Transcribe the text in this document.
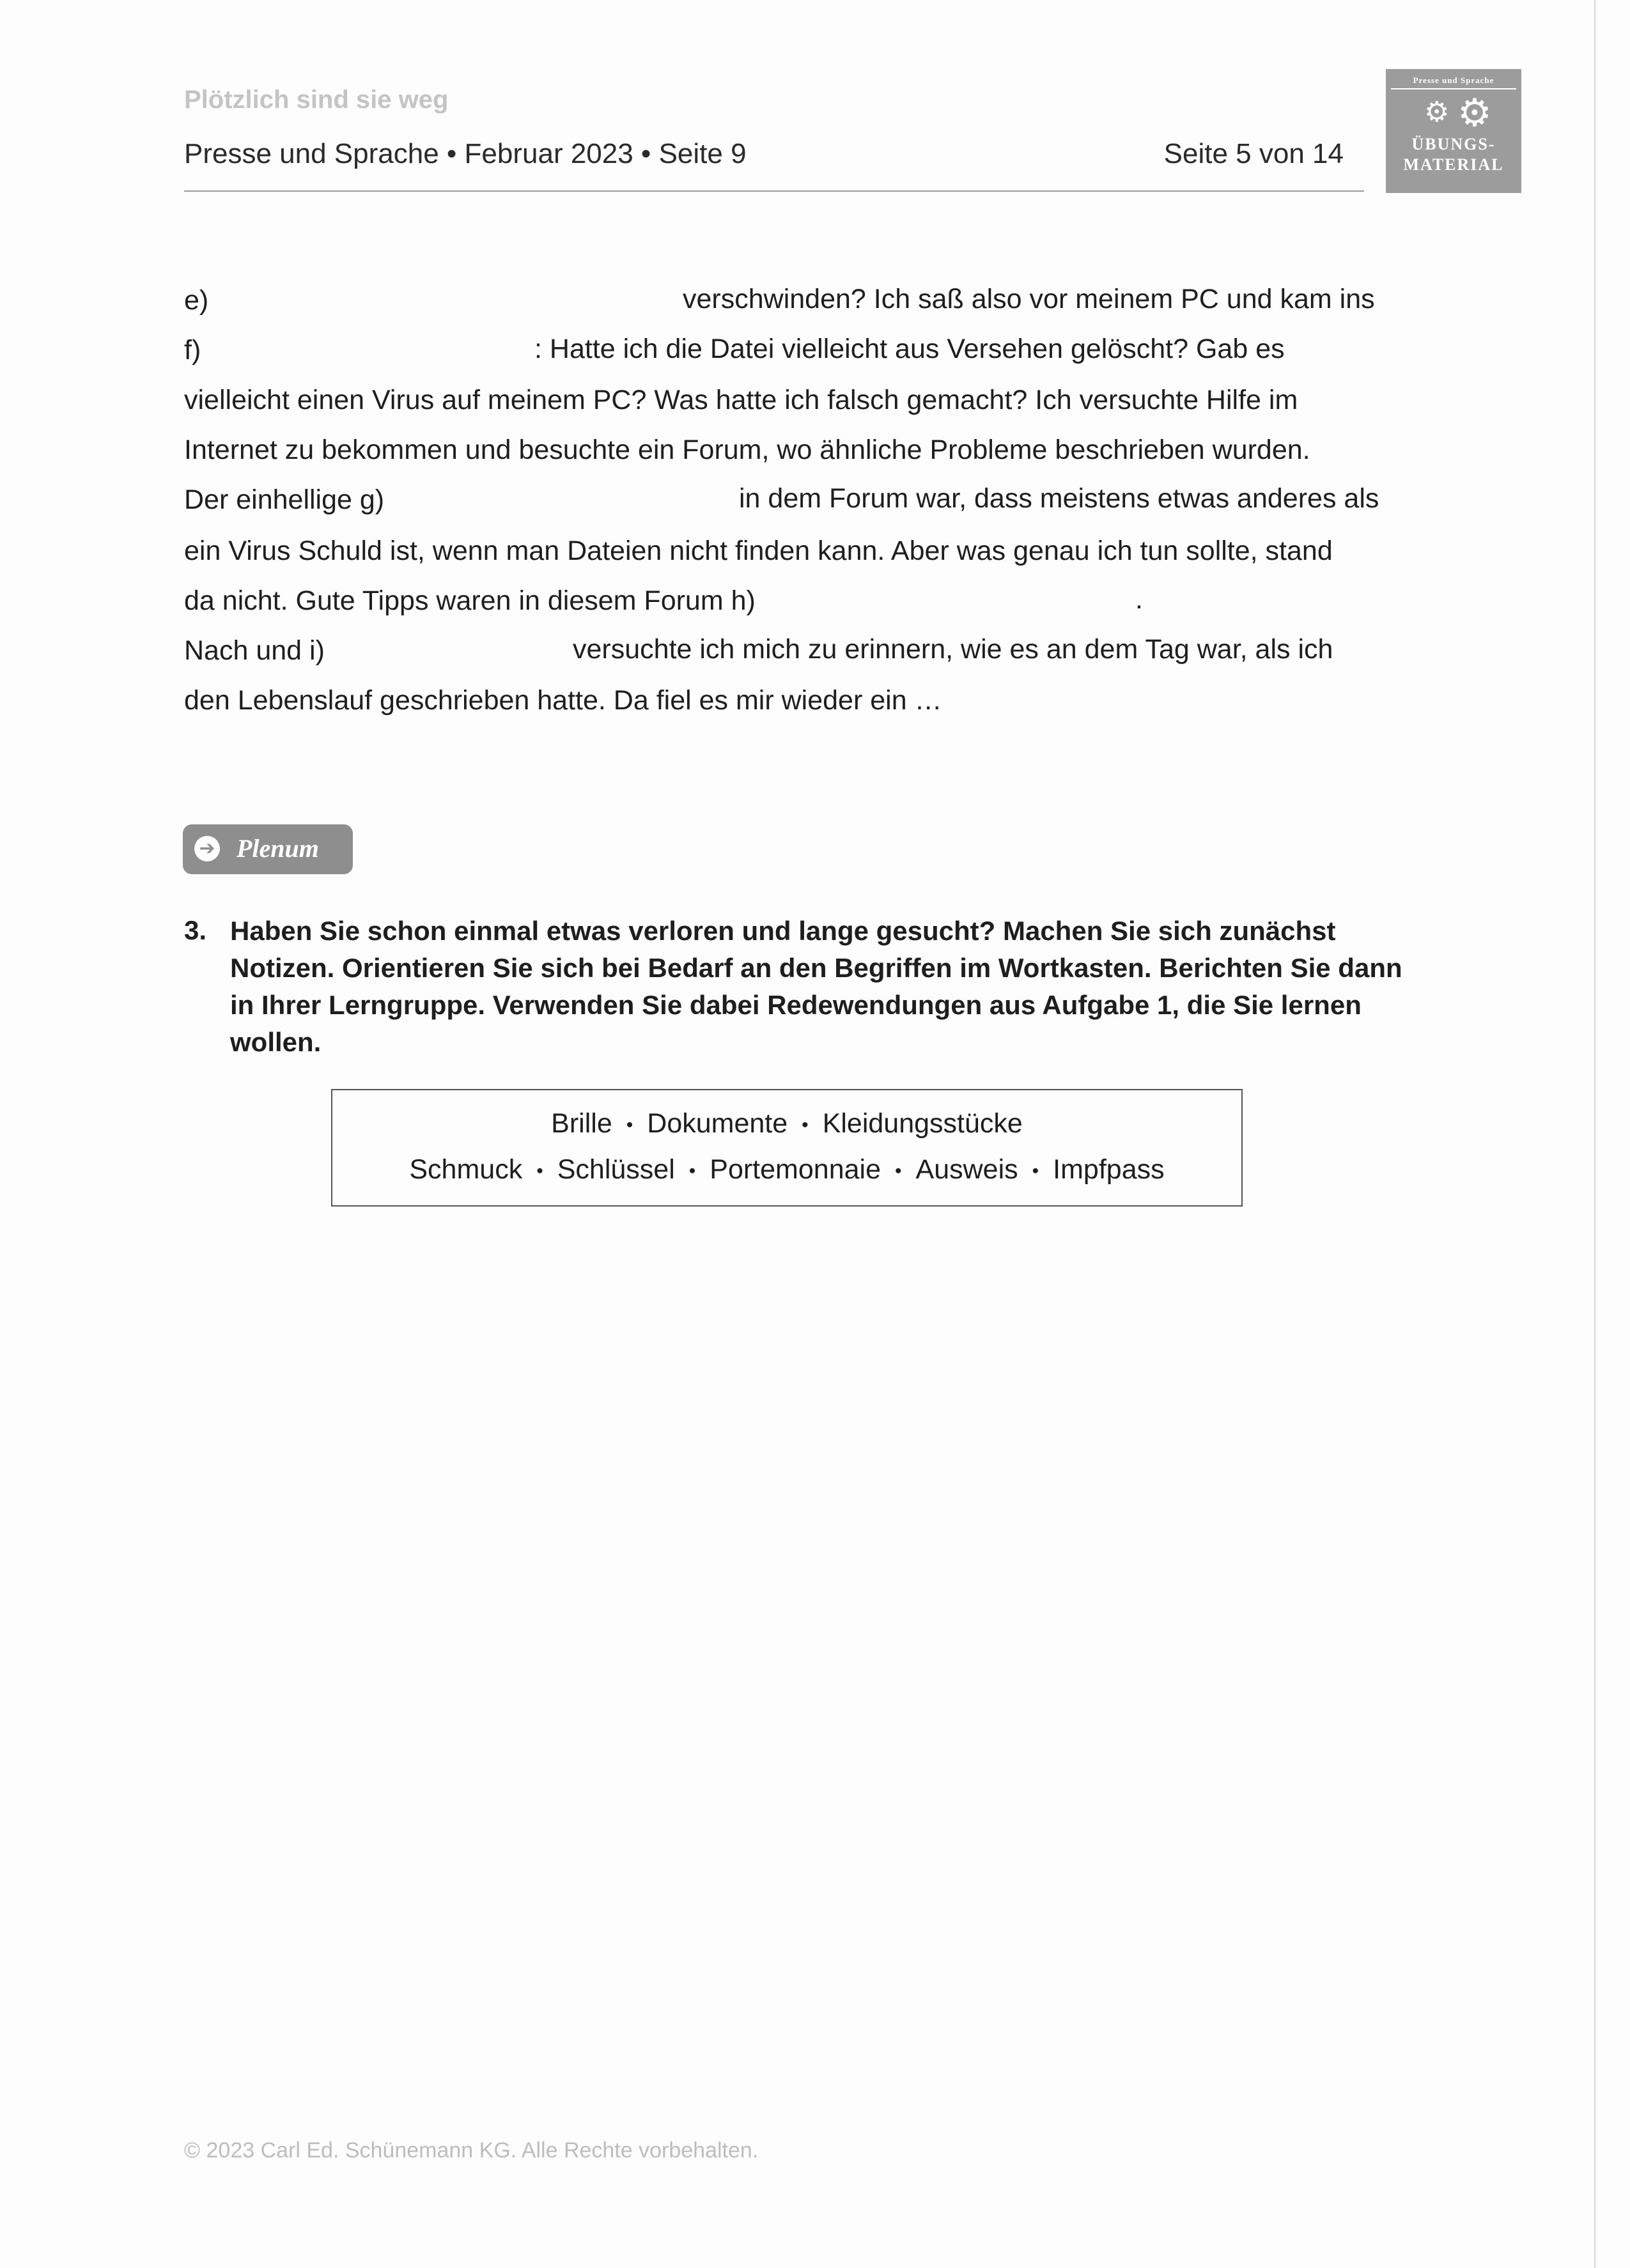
Plötzlich sind sie weg
Presse und Sprache • Februar 2023 • Seite 9	Seite 5 von 14
Presse und Sprache
⚙ ⚙
ÜBUNGS-
MATERIAL
e)	verschwinden? Ich saß also vor meinem PC und kam ins
f)	: Hatte ich die Datei vielleicht aus Versehen gelöscht? Gab es
vielleicht einen Virus auf meinem PC? Was hatte ich falsch gemacht? Ich versuchte Hilfe im
Internet zu bekommen und besuchte ein Forum, wo ähnliche Probleme beschrieben wurden.
Der einhellige g)	in dem Forum war, dass meistens etwas anderes als
ein Virus Schuld ist, wenn man Dateien nicht finden kann. Aber was genau ich tun sollte, stand
da nicht. Gute Tipps waren in diesem Forum h)	.
Nach und i)	versuchte ich mich zu erinnern, wie es an dem Tag war, als ich
den Lebenslauf geschrieben hatte. Da fiel es mir wieder ein …
➔ Plenum
3. Haben Sie schon einmal etwas verloren und lange gesucht? Machen Sie sich zunächst Notizen. Orientieren Sie sich bei Bedarf an den Begriffen im Wortkasten. Berichten Sie dann in Ihrer Lerngruppe. Verwenden Sie dabei Redewendungen aus Aufgabe 1, die Sie lernen wollen.
Brille • Dokumente • Kleidungsstücke
Schmuck • Schlüssel • Portemonnaie • Ausweis • Impfpass
© 2023 Carl Ed. Schünemann KG. Alle Rechte vorbehalten.
